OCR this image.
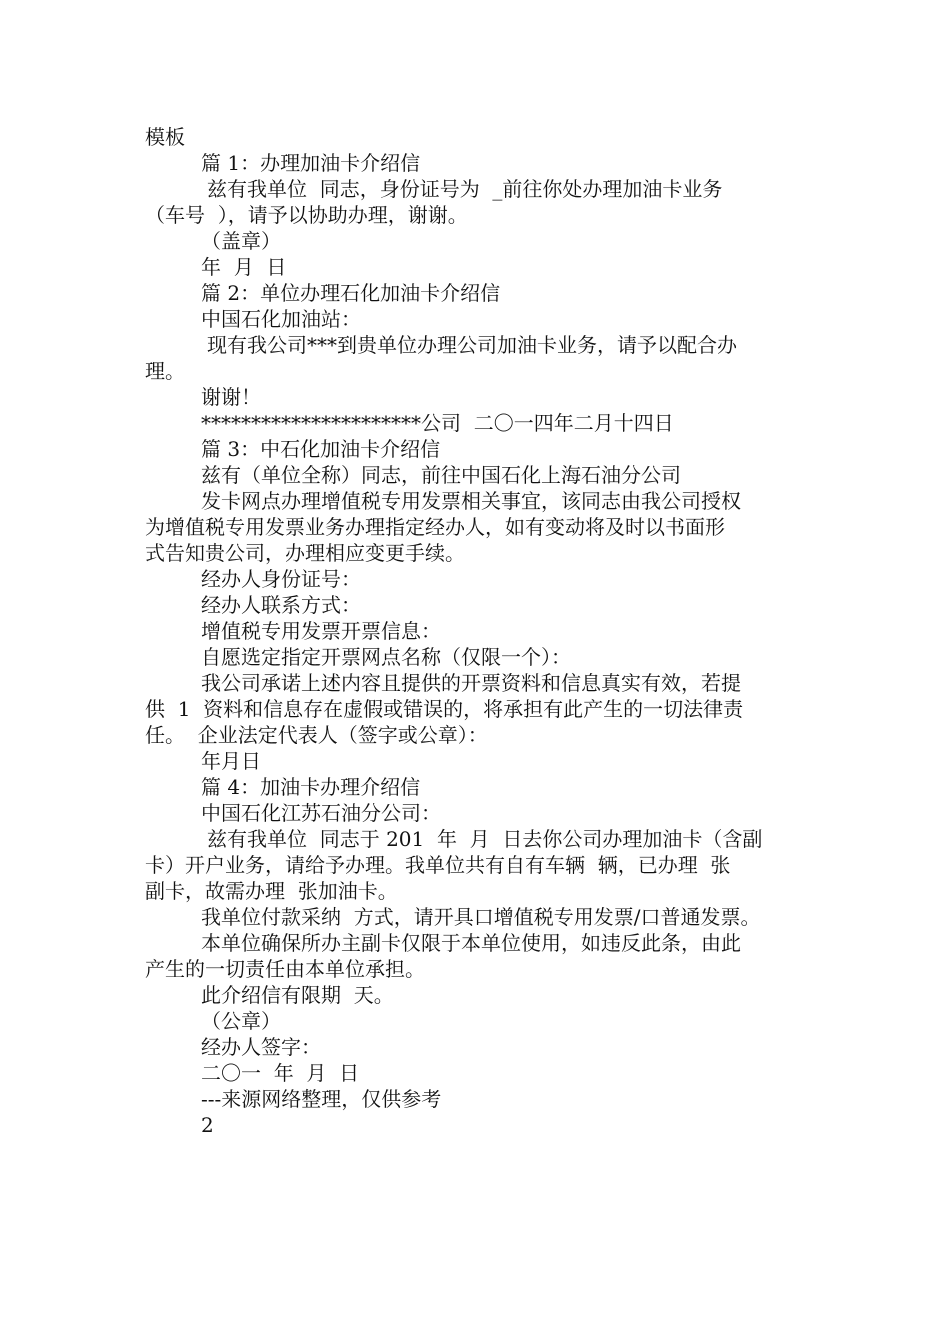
模板
篇 1：办理加油卡介绍信
兹有我单位  同志，身份证号为  _前往你处办理加油卡业务
（车号  ），请予以协助办理，谢谢。
（盖章）
年  月  日
篇 2：单位办理石化加油卡介绍信
中国石化加油站：
现有我公司***到贵单位办理公司加油卡业务，请予以配合办
理。
谢谢！
**********************公司  二〇一四年二月十四日
篇 3：中石化加油卡介绍信
兹有（单位全称）同志，前往中国石化上海石油分公司
发卡网点办理增值税专用发票相关事宜，该同志由我公司授权
为增值税专用发票业务办理指定经办人，如有变动将及时以书面形
式告知贵公司，办理相应变更手续。
经办人身份证号：
经办人联系方式：
增值税专用发票开票信息：
自愿选定指定开票网点名称（仅限一个）：
我公司承诺上述内容且提供的开票资料和信息真实有效，若提
供  1  资料和信息存在虚假或错误的，将承担有此产生的一切法律责
任。  企业法定代表人（签字或公章）：
年月日
篇 4：加油卡办理介绍信
中国石化江苏石油分公司：
兹有我单位  同志于 201  年  月  日去你公司办理加油卡（含副
卡）开户业务，请给予办理。我单位共有自有车辆  辆，已办理  张
副卡，故需办理  张加油卡。
我单位付款采纳  方式，请开具口增值税专用发票/口普通发票。
本单位确保所办主副卡仅限于本单位使用，如违反此条，由此
产生的一切责任由本单位承担。
此介绍信有限期  天。
（公章）
经办人签字：
二〇一  年  月  日
---来源网络整理，仅供参考
2
